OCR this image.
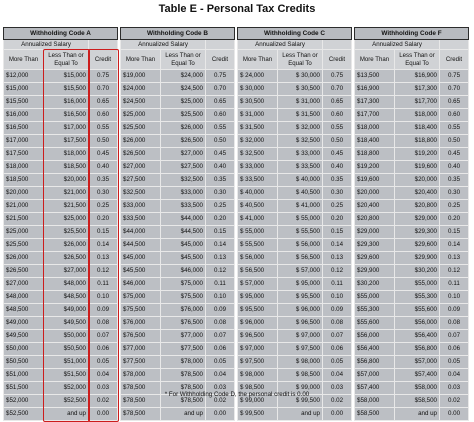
Table E - Personal Tax Credits
Withholding Code A				Withholding Code B				Withholding Code C				Withholding Code F		
Annualized Salary				Annualized Salary				Annualized Salary				Annualized Salary		
More Than	Less Than or Equal To	Credit		More Than	Less Than or Equal To	Credit		More Than	Less Than or Equal To	Credit		More Than	Less Than or Equal To	Credit
$12,000	$15,000	0.75		$19,000	$24,000	0.75		$ 24,000	$ 30,000	0.75		$13,500	$16,900	0.75
$15,000	$15,500	0.70		$24,000	$24,500	0.70		$ 30,000	$ 30,500	0.70		$16,900	$17,300	0.70
$15,500	$16,000	0.65		$24,500	$25,000	0.65		$ 30,500	$ 31,000	0.65		$17,300	$17,700	0.65
$16,000	$16,500	0.60		$25,000	$25,500	0.60		$ 31,000	$ 31,500	0.60		$17,700	$18,000	0.60
$16,500	$17,000	0.55		$25,500	$26,000	0.55		$ 31,500	$ 32,000	0.55		$18,000	$18,400	0.55
$17,000	$17,500	0.50		$26,000	$26,500	0.50		$ 32,000	$ 32,500	0.50		$18,400	$18,800	0.50
$17,500	$18,000	0.45		$26,500	$27,000	0.45		$ 32,500	$ 33,000	0.45		$18,800	$19,200	0.45
$18,000	$18,500	0.40		$27,000	$27,500	0.40		$ 33,000	$ 33,500	0.40		$19,200	$19,600	0.40
$18,500	$20,000	0.35		$27,500	$32,500	0.35		$ 33,500	$ 40,000	0.35		$19,600	$20,000	0.35
$20,000	$21,000	0.30		$32,500	$33,000	0.30		$ 40,000	$ 40,500	0.30		$20,000	$20,400	0.30
$21,000	$21,500	0.25		$33,000	$33,500	0.25		$ 40,500	$ 41,000	0.25		$20,400	$20,800	0.25
$21,500	$25,000	0.20		$33,500	$44,000	0.20		$ 41,000	$ 55,000	0.20		$20,800	$29,000	0.20
$25,000	$25,500	0.15		$44,000	$44,500	0.15		$ 55,000	$ 55,500	0.15		$29,000	$29,300	0.15
$25,500	$26,000	0.14		$44,500	$45,000	0.14		$ 55,500	$ 56,000	0.14		$29,300	$29,600	0.14
$26,000	$26,500	0.13		$45,000	$45,500	0.13		$ 56,000	$ 56,500	0.13		$29,600	$29,900	0.13
$26,500	$27,000	0.12		$45,500	$46,000	0.12		$ 56,500	$ 57,000	0.12		$29,900	$30,200	0.12
$27,000	$48,000	0.11		$46,000	$75,000	0.11		$ 57,000	$ 95,000	0.11		$30,200	$55,000	0.11
$48,000	$48,500	0.10		$75,000	$75,500	0.10		$ 95,000	$ 95,500	0.10		$55,000	$55,300	0.10
$48,500	$49,000	0.09		$75,500	$76,000	0.09		$ 95,500	$ 96,000	0.09		$55,300	$55,600	0.09
$49,000	$49,500	0.08		$76,000	$76,500	0.08		$ 96,000	$ 96,500	0.08		$55,600	$56,000	0.08
$49,500	$50,000	0.07		$76,500	$77,000	0.07		$ 96,500	$ 97,000	0.07		$56,000	$56,400	0.07
$50,000	$50,500	0.06		$77,000	$77,500	0.06		$ 97,000	$ 97,500	0.06		$56,400	$56,800	0.06
$50,500	$51,000	0.05		$77,500	$78,000	0.05		$ 97,500	$ 98,000	0.05		$56,800	$57,000	0.05
$51,000	$51,500	0.04		$78,000	$78,500	0.04		$ 98,000	$ 98,500	0.04		$57,000	$57,400	0.04
$51,500	$52,000	0.03		$78,500	$78,500	0.03		$ 98,500	$ 99,000	0.03		$57,400	$58,000	0.03
$52,000	$52,500	0.02		$78,500	$78,500	0.02		$ 99,000	$ 99,500	0.02		$58,000	$58,500	0.02
$52,500	and up	0.00		$78,500	and up	0.00		$ 99,500	and up	0.00		$58,500	and up	0.00
* For Withholding Code D, the personal credit is 0.00
